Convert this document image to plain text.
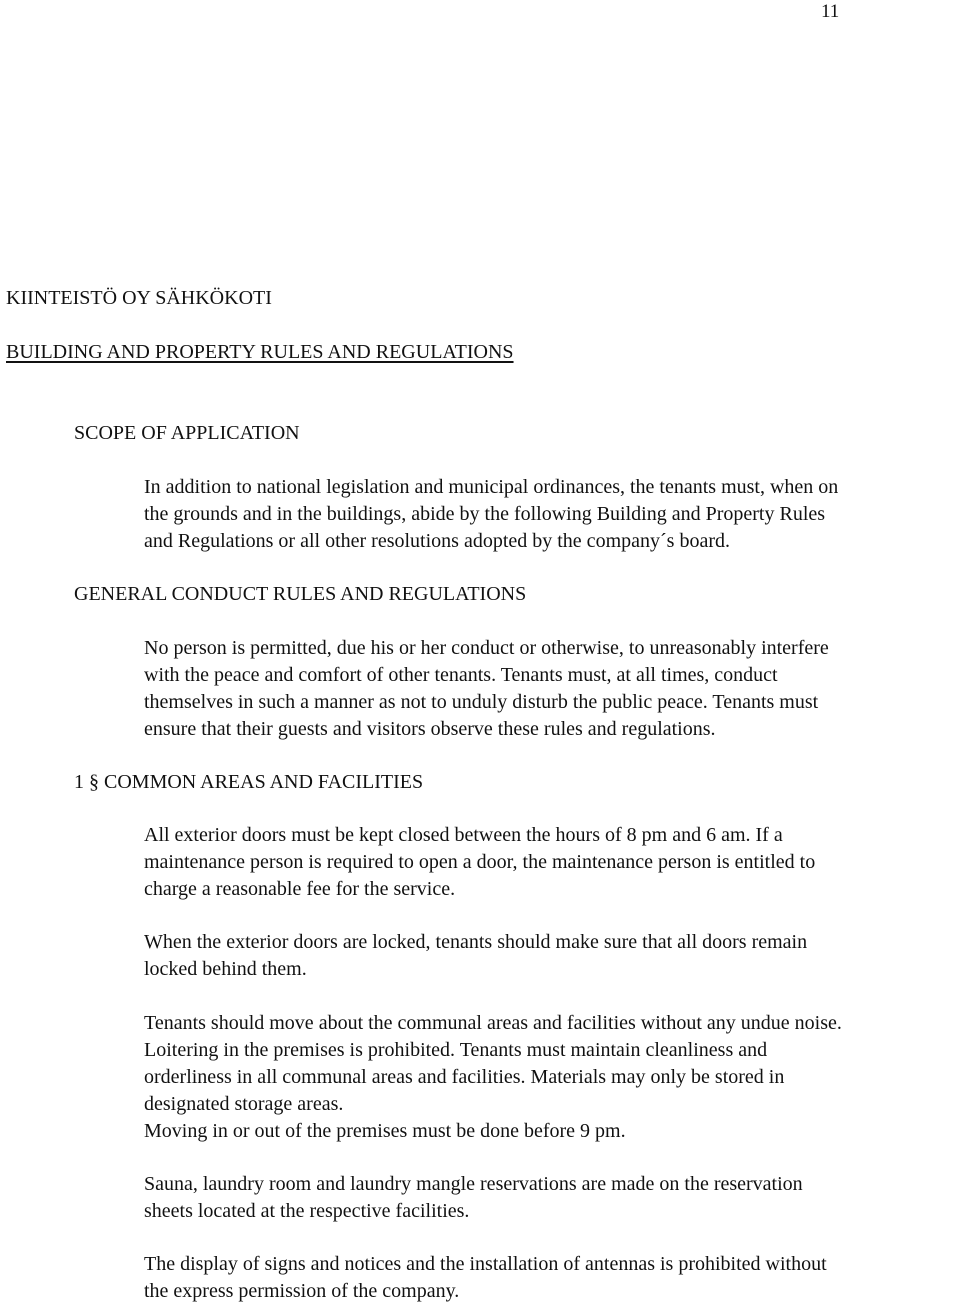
11
KIINTEISTÖ OY SÄHKÖKOTI
BUILDING AND PROPERTY RULES AND REGULATIONS
SCOPE OF APPLICATION
In addition to national legislation and municipal ordinances, the tenants must, when on
the grounds and in the buildings, abide by the following Building and Property Rules
and Regulations or all other resolutions adopted by the company´s board.
GENERAL CONDUCT RULES AND REGULATIONS
No person is permitted, due his or her conduct or otherwise, to unreasonably interfere
with the peace and comfort of other tenants. Tenants must, at all times, conduct
themselves in such a manner as not to unduly disturb the public peace. Tenants must
ensure that their guests and visitors observe these rules and regulations.
1 § COMMON AREAS AND FACILITIES
All exterior doors must be kept closed between the hours of 8 pm and 6 am. If a
maintenance person is required to open a door, the maintenance person is entitled to
charge a reasonable fee for the service.
When the exterior doors are locked, tenants should make sure that all doors remain
locked behind them.
Tenants should move about the communal areas and facilities without any undue noise.
Loitering in the premises is prohibited. Tenants must maintain cleanliness and
orderliness in all communal areas and facilities. Materials may only be stored in
designated storage areas.
Moving in or out of the premises must be done before 9 pm.
Sauna, laundry room and laundry mangle reservations are made on the reservation
sheets located at the respective facilities.
The display of signs and notices and the installation of antennas is prohibited without
the express permission of the company.
